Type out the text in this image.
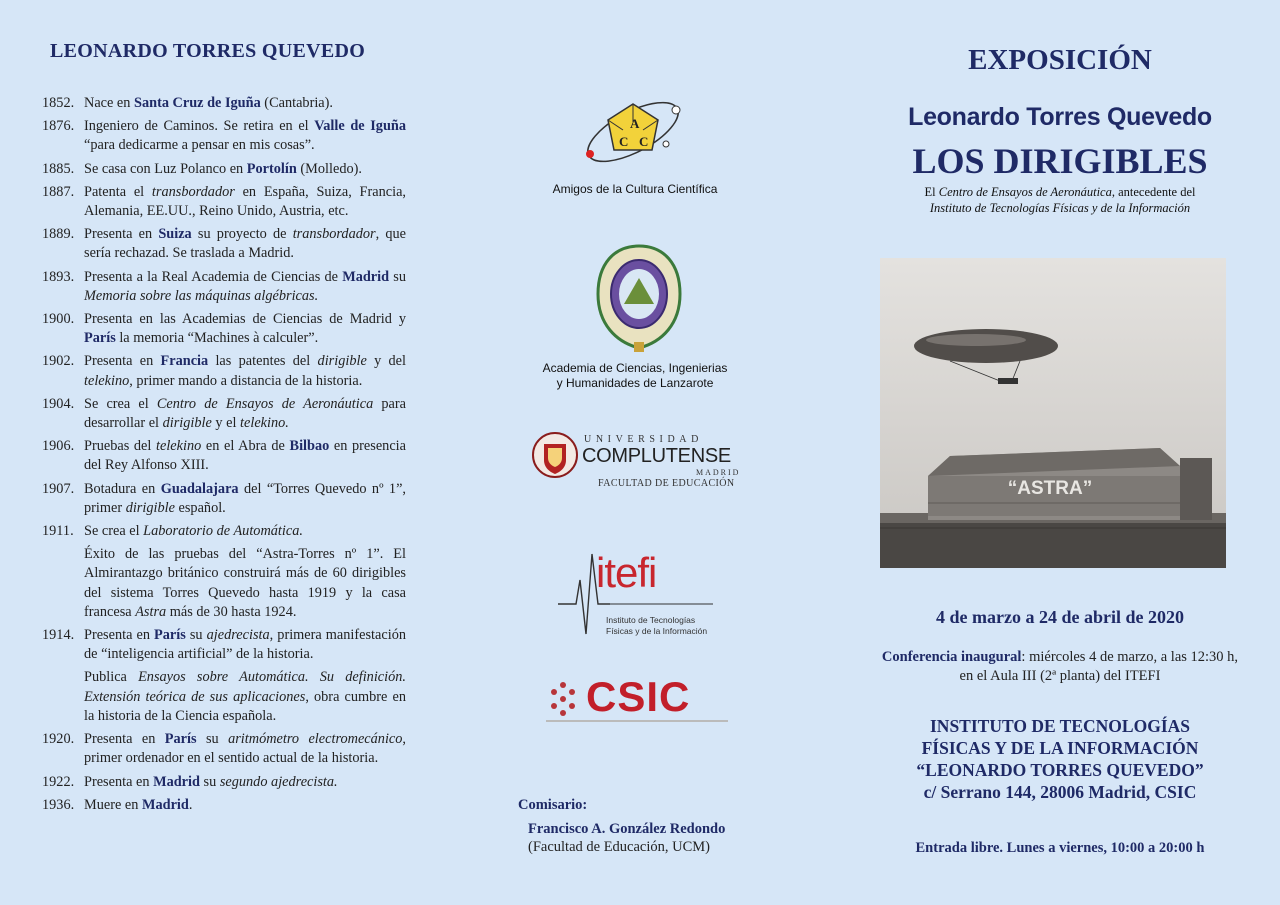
LEONARDO TORRES QUEVEDO
1852. Nace en Santa Cruz de Iguña (Cantabria).
1876. Ingeniero de Caminos. Se retira en el Valle de Iguña “para dedicarme a pensar en mis cosas”.
1885. Se casa con Luz Polanco en Portolín (Molledo).
1887. Patenta el transbordador en España, Suiza, Francia, Alemania, EE.UU., Reino Unido, Austria, etc.
1889. Presenta en Suiza su proyecto de transbordador, que sería rechazad. Se traslada a Madrid.
1893. Presenta a la Real Academia de Ciencias de Madrid su Memoria sobre las máquinas algébricas.
1900. Presenta en las Academias de Ciencias de Madrid y París la memoria “Machines à calculer”.
1902. Presenta en Francia las patentes del dirigible y del telekino, primer mando a distancia de la historia.
1904. Se crea el Centro de Ensayos de Aeronáutica para desarrollar el dirigible y el telekino.
1906. Pruebas del telekino en el Abra de Bilbao en presencia del Rey Alfonso XIII.
1907. Botadura en Guadalajara del “Torres Quevedo nº 1”, primer dirigible español.
1911. Se crea el Laboratorio de Automática.
Éxito de las pruebas del “Astra-Torres nº 1”. El Almirantazgo británico construirá más de 60 dirigibles del sistema Torres Quevedo hasta 1919 y la casa francesa Astra más de 30 hasta 1924.
1914. Presenta en París su ajedrecista, primera manifestación de “inteligencia artificial” de la historia.
Publica Ensayos sobre Automática. Su definición. Extensión teórica de sus aplicaciones, obra cumbre en la historia de la Ciencia española.
1920. Presenta en París su aritmómetro electromecánico, primer ordenador en el sentido actual de la historia.
1922. Presenta en Madrid su segundo ajedrecista.
1936. Muere en Madrid.
A
C C
Amigos de la Cultura Científica
Academia de Ciencias, Ingenierias
y Humanidades de Lanzarote
UNIVERSIDAD
COMPLUTENSE
MADRID
FACULTAD DE EDUCACIÓN
itefi
Instituto de Tecnologías
Físicas y de la Información
CSIC
Comisario:
Francisco A. González Redondo
(Facultad de Educación, UCM)
EXPOSICIÓN
Leonardo Torres Quevedo
LOS DIRIGIBLES
El Centro de Ensayos de Aeronáutica, antecedente del
Instituto de Tecnologías Físicas y de la Información
“ASTRA”
4 de marzo a 24 de abril de 2020
Conferencia inaugural: miércoles 4 de marzo, a las 12:30 h, en el Aula III (2ª planta) del ITEFI
INSTITUTO DE TECNOLOGÍAS
FÍSICAS Y DE LA INFORMACIÓN
“LEONARDO TORRES QUEVEDO”
c/ Serrano 144, 28006 Madrid, CSIC
Entrada libre. Lunes a viernes, 10:00 a 20:00 h
